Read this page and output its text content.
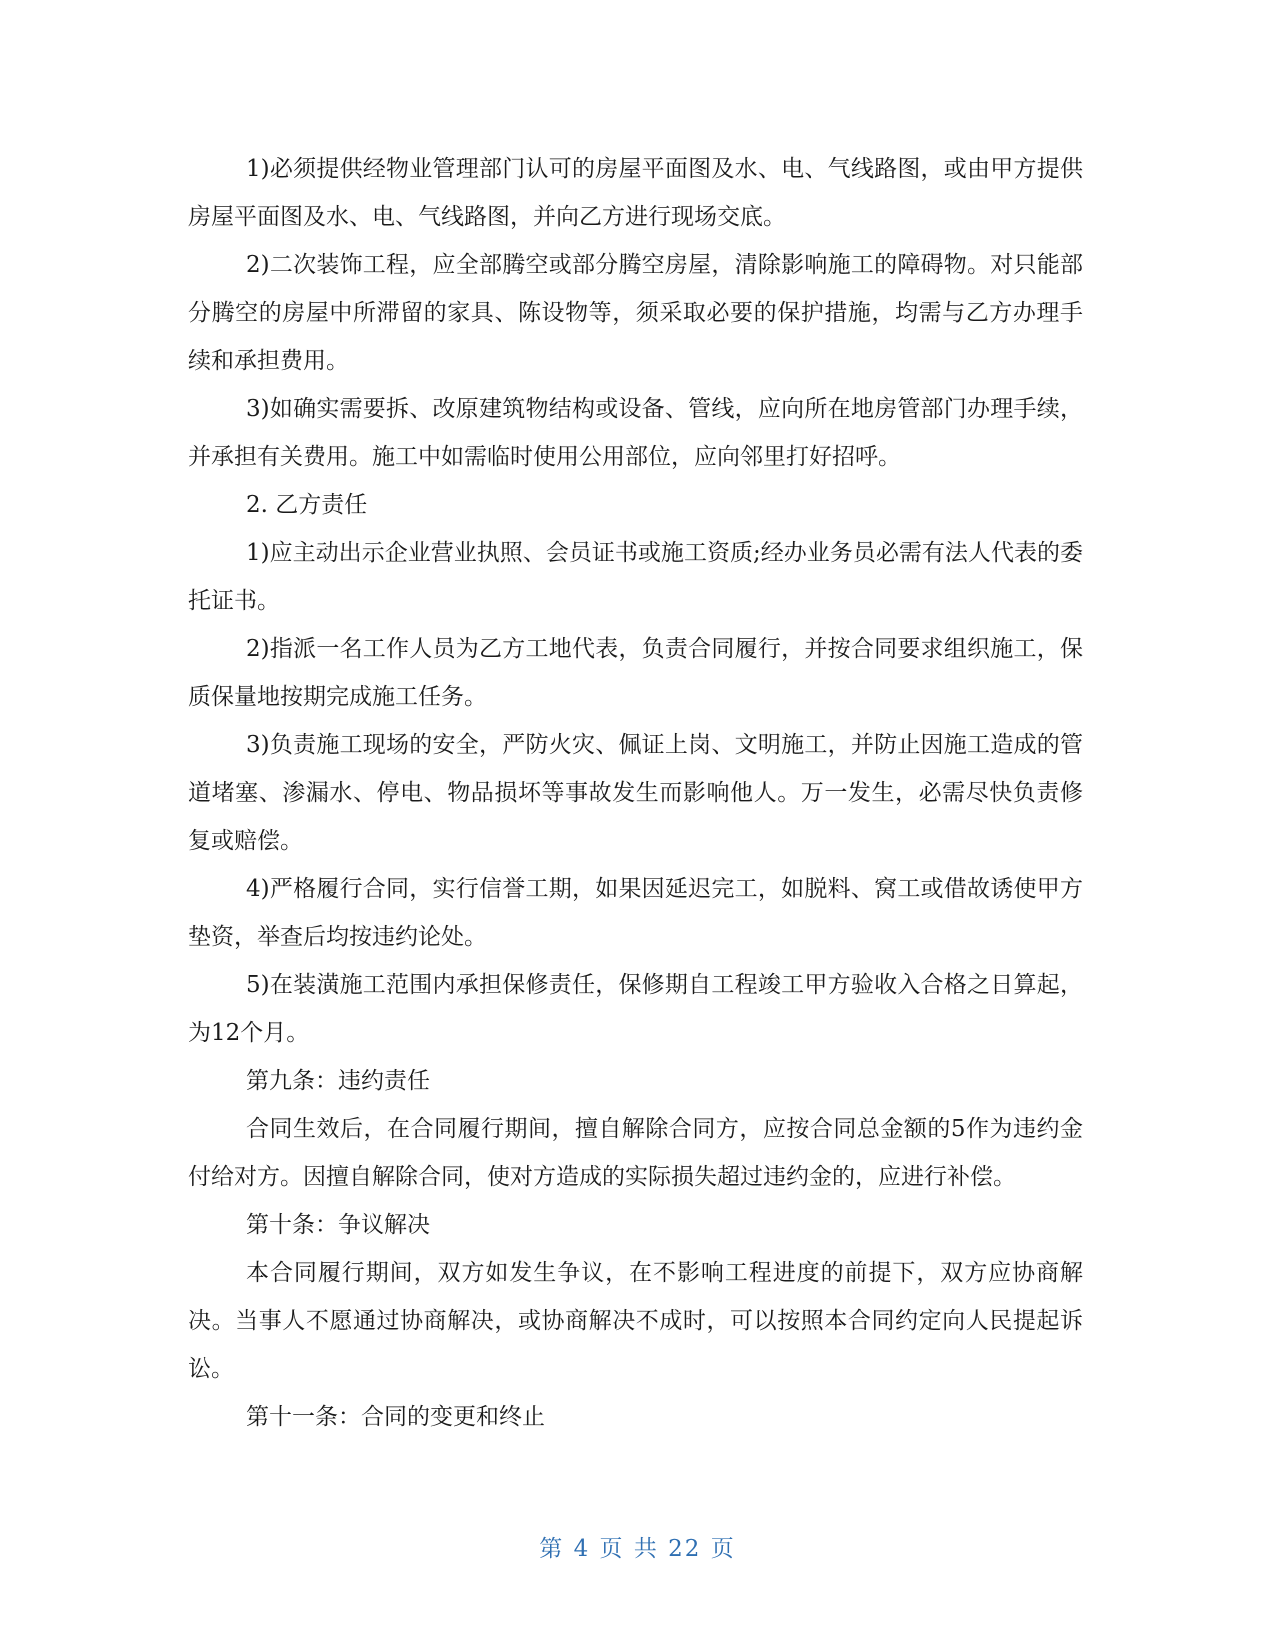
1)必须提供经物业管理部门认可的房屋平面图及水、电、气线路图，或由甲方提供房屋平面图及水、电、气线路图，并向乙方进行现场交底。

2)二次装饰工程，应全部腾空或部分腾空房屋，清除影响施工的障碍物。对只能部分腾空的房屋中所滞留的家具、陈设物等，须采取必要的保护措施，均需与乙方办理手续和承担费用。

3)如确实需要拆、改原建筑物结构或设备、管线，应向所在地房管部门办理手续，并承担有关费用。施工中如需临时使用公用部位，应向邻里打好招呼。

2. 乙方责任

1)应主动出示企业营业执照、会员证书或施工资质;经办业务员必需有法人代表的委托证书。

2)指派一名工作人员为乙方工地代表，负责合同履行，并按合同要求组织施工，保质保量地按期完成施工任务。

3)负责施工现场的安全，严防火灾、佩证上岗、文明施工，并防止因施工造成的管道堵塞、渗漏水、停电、物品损坏等事故发生而影响他人。万一发生，必需尽快负责修复或赔偿。

4)严格履行合同，实行信誉工期，如果因延迟完工，如脱料、窝工或借故诱使甲方垫资，举查后均按违约论处。

5)在装潢施工范围内承担保修责任，保修期自工程竣工甲方验收入合格之日算起，为12个月。

第九条：违约责任

合同生效后，在合同履行期间，擅自解除合同方，应按合同总金额的5作为违约金付给对方。因擅自解除合同，使对方造成的实际损失超过违约金的，应进行补偿。

第十条：争议解决

本合同履行期间，双方如发生争议，在不影响工程进度的前提下，双方应协商解决。当事人不愿通过协商解决，或协商解决不成时，可以按照本合同约定向人民提起诉讼。

第十一条：合同的变更和终止

第 4 页 共 22 页
